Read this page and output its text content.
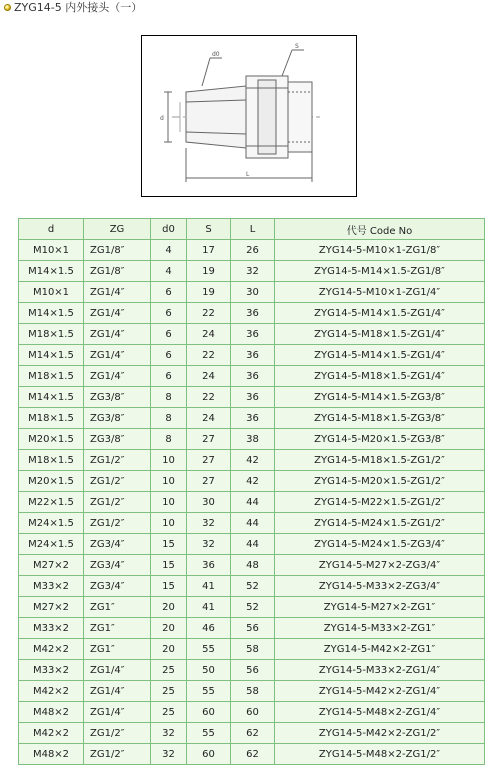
ZYG14-5 内外接头（一）
d0
S
d
L
d	ZG	d0	S	L	代号 Code No
M10×1	ZG1/8″	4	17	26	ZYG14-5-M10×1-ZG1/8″
M14×1.5	ZG1/8″	4	19	32	ZYG14-5-M14×1.5-ZG1/8″
M10×1	ZG1/4″	6	19	30	ZYG14-5-M10×1-ZG1/4″
M14×1.5	ZG1/4″	6	22	36	ZYG14-5-M14×1.5-ZG1/4″
M18×1.5	ZG1/4″	6	24	36	ZYG14-5-M18×1.5-ZG1/4″
M14×1.5	ZG1/4″	6	22	36	ZYG14-5-M14×1.5-ZG1/4″
M18×1.5	ZG1/4″	6	24	36	ZYG14-5-M18×1.5-ZG1/4″
M14×1.5	ZG3/8″	8	22	36	ZYG14-5-M14×1.5-ZG3/8″
M18×1.5	ZG3/8″	8	24	36	ZYG14-5-M18×1.5-ZG3/8″
M20×1.5	ZG3/8″	8	27	38	ZYG14-5-M20×1.5-ZG3/8″
M18×1.5	ZG1/2″	10	27	42	ZYG14-5-M18×1.5-ZG1/2″
M20×1.5	ZG1/2″	10	27	42	ZYG14-5-M20×1.5-ZG1/2″
M22×1.5	ZG1/2″	10	30	44	ZYG14-5-M22×1.5-ZG1/2″
M24×1.5	ZG1/2″	10	32	44	ZYG14-5-M24×1.5-ZG1/2″
M24×1.5	ZG3/4″	15	32	44	ZYG14-5-M24×1.5-ZG3/4″
M27×2	ZG3/4″	15	36	48	ZYG14-5-M27×2-ZG3/4″
M33×2	ZG3/4″	15	41	52	ZYG14-5-M33×2-ZG3/4″
M27×2	ZG1″	20	41	52	ZYG14-5-M27×2-ZG1″
M33×2	ZG1″	20	46	56	ZYG14-5-M33×2-ZG1″
M42×2	ZG1″	20	55	58	ZYG14-5-M42×2-ZG1″
M33×2	ZG1/4″	25	50	56	ZYG14-5-M33×2-ZG1/4″
M42×2	ZG1/4″	25	55	58	ZYG14-5-M42×2-ZG1/4″
M48×2	ZG1/4″	25	60	60	ZYG14-5-M48×2-ZG1/4″
M42×2	ZG1/2″	32	55	62	ZYG14-5-M42×2-ZG1/2″
M48×2	ZG1/2″	32	60	62	ZYG14-5-M48×2-ZG1/2″
